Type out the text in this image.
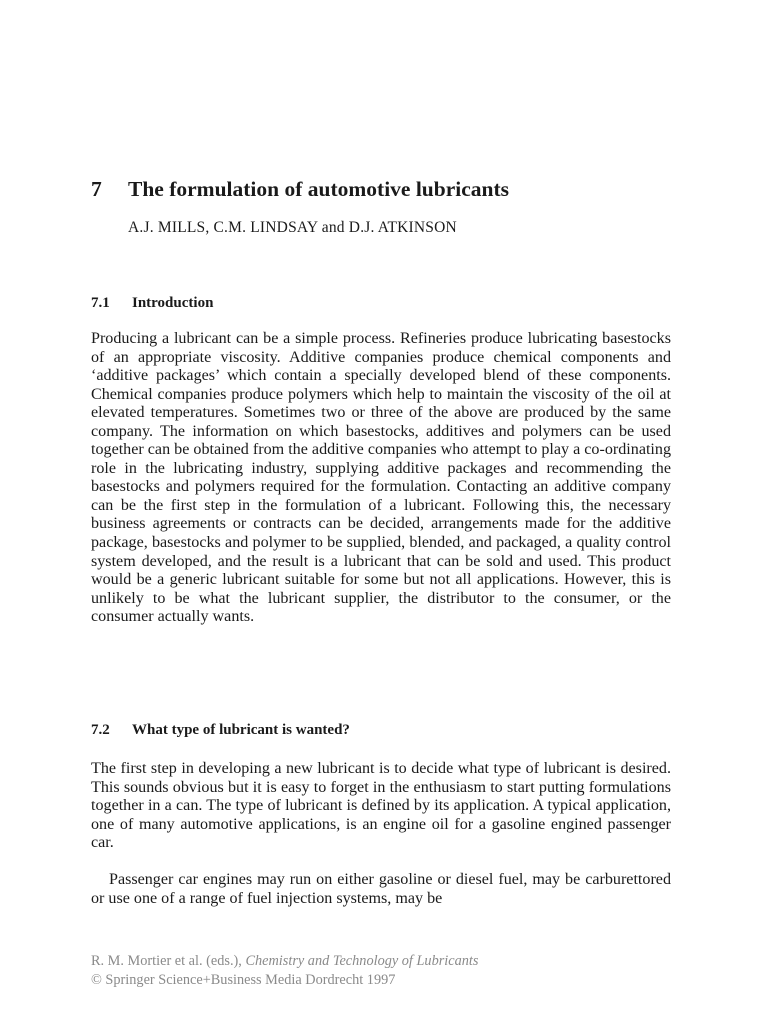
7 The formulation of automotive lubricants
A.J. MILLS, C.M. LINDSAY and D.J. ATKINSON
7.1 Introduction

Producing a lubricant can be a simple process. Refineries produce lubricating basestocks of an appropriate viscosity. Additive companies produce chemical components and ‘additive packages’ which contain a specially developed blend of these components. Chemical companies produce polymers which help to maintain the viscosity of the oil at elevated temperatures. Sometimes two or three of the above are produced by the same company. The information on which basestocks, additives and polymers can be used together can be obtained from the additive companies who attempt to play a co-ordinating role in the lubricating industry, supplying additive packages and recommending the basestocks and polymers required for the formulation. Contacting an additive company can be the first step in the formulation of a lubricant. Following this, the necessary business agreements or contracts can be decided, arrangements made for the additive package, basestocks and polymer to be supplied, blended, and packaged, a quality control system developed, and the result is a lubricant that can be sold and used. This product would be a generic lubricant suitable for some but not all applications. However, this is unlikely to be what the lubricant supplier, the distributor to the consumer, or the consumer actually wants.

7.2 What type of lubricant is wanted?

The first step in developing a new lubricant is to decide what type of lubricant is desired. This sounds obvious but it is easy to forget in the enthusiasm to start putting formulations together in a can. The type of lubricant is defined by its application. A typical application, one of many automotive applications, is an engine oil for a gasoline engined passenger car.

Passenger car engines may run on either gasoline or diesel fuel, may be carburettored or use one of a range of fuel injection systems, may be

R. M. Mortier et al. (eds.), Chemistry and Technology of Lubricants
© Springer Science+Business Media Dordrecht 1997
